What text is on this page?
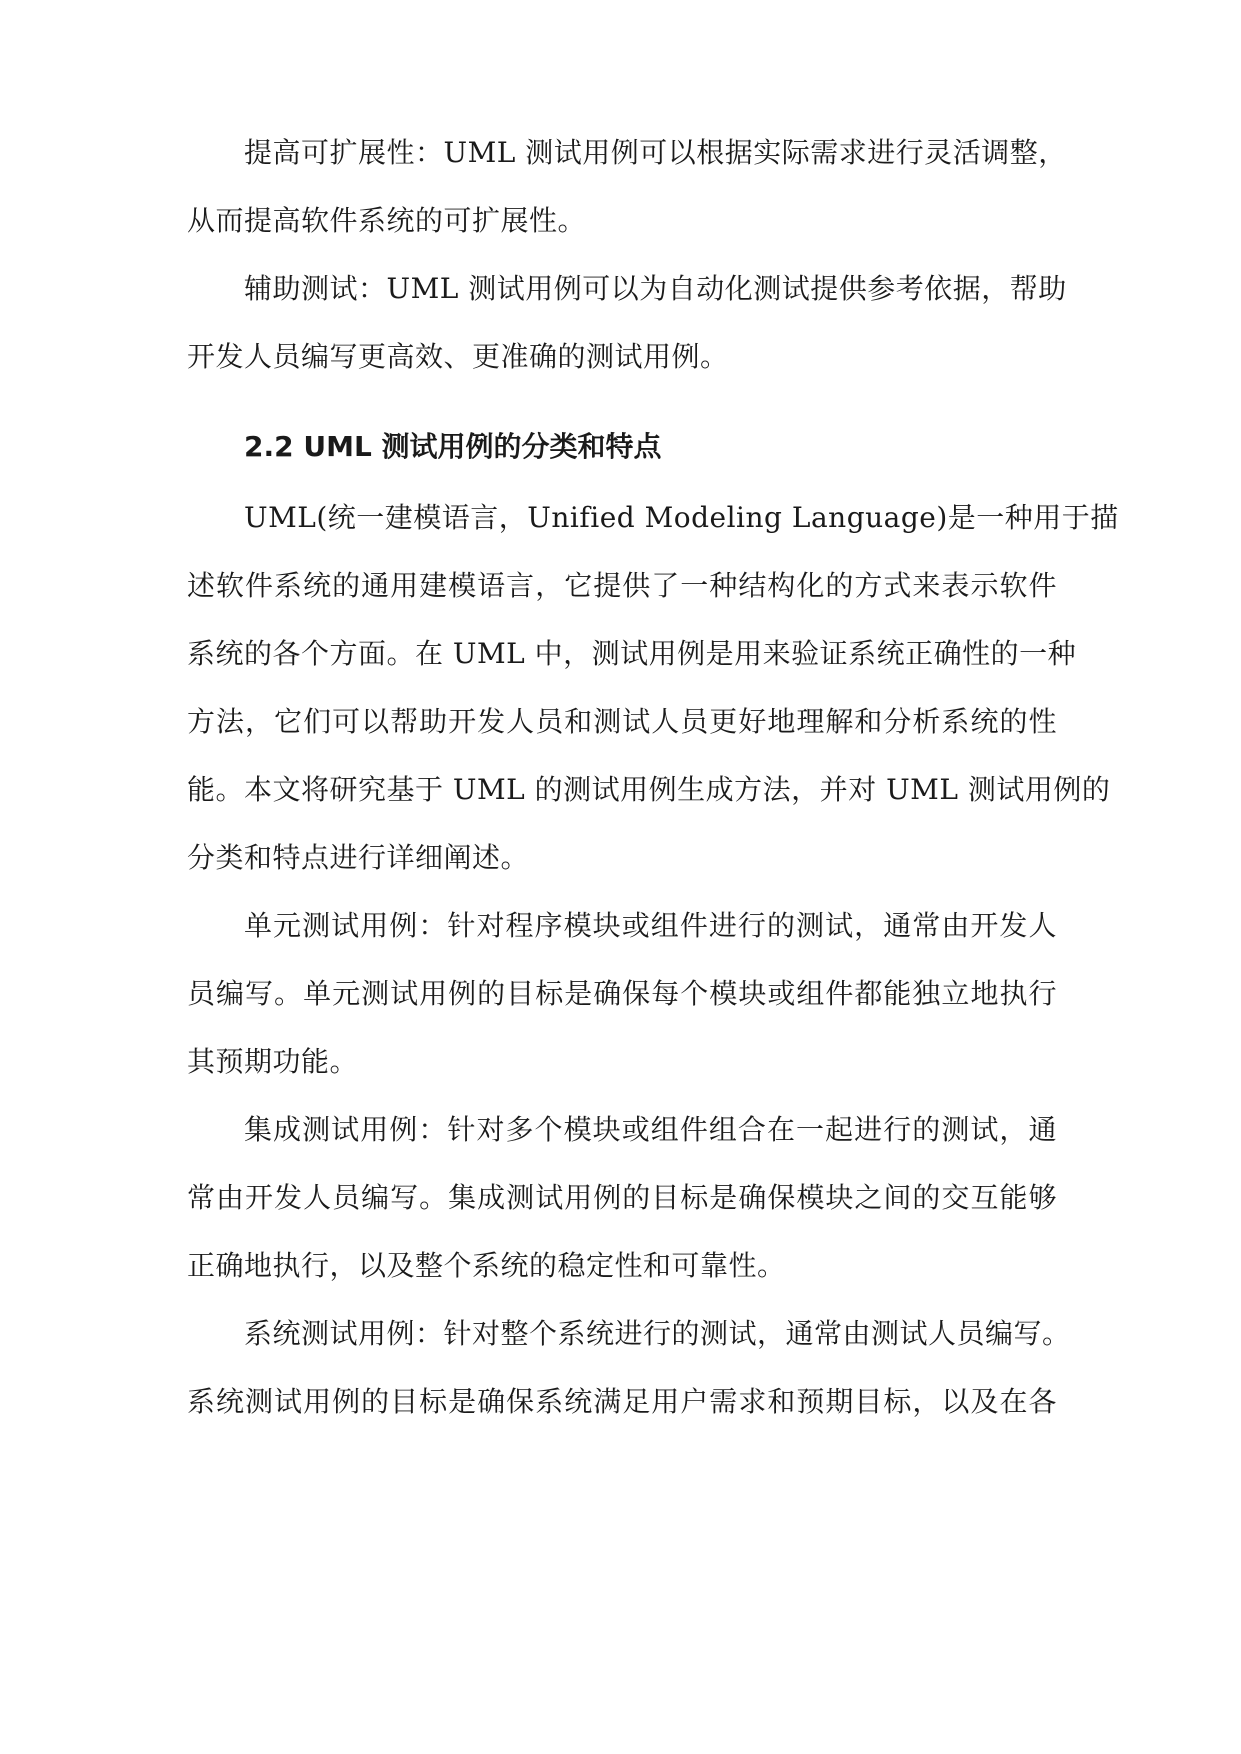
提高可扩展性：UML 测试用例可以根据实际需求进行灵活调整，
从而提高软件系统的可扩展性。
辅助测试：UML 测试用例可以为自动化测试提供参考依据，帮助
开发人员编写更高效、更准确的测试用例。
2.2 UML 测试用例的分类和特点
UML(统一建模语言，Unified Modeling Language)是一种用于描
述软件系统的通用建模语言，它提供了一种结构化的方式来表示软件
系统的各个方面。在 UML 中，测试用例是用来验证系统正确性的一种
方法，它们可以帮助开发人员和测试人员更好地理解和分析系统的性
能。本文将研究基于 UML 的测试用例生成方法，并对 UML 测试用例的
分类和特点进行详细阐述。
单元测试用例：针对程序模块或组件进行的测试，通常由开发人
员编写。单元测试用例的目标是确保每个模块或组件都能独立地执行
其预期功能。
集成测试用例：针对多个模块或组件组合在一起进行的测试，通
常由开发人员编写。集成测试用例的目标是确保模块之间的交互能够
正确地执行，以及整个系统的稳定性和可靠性。
系统测试用例：针对整个系统进行的测试，通常由测试人员编写。
系统测试用例的目标是确保系统满足用户需求和预期目标，以及在各
